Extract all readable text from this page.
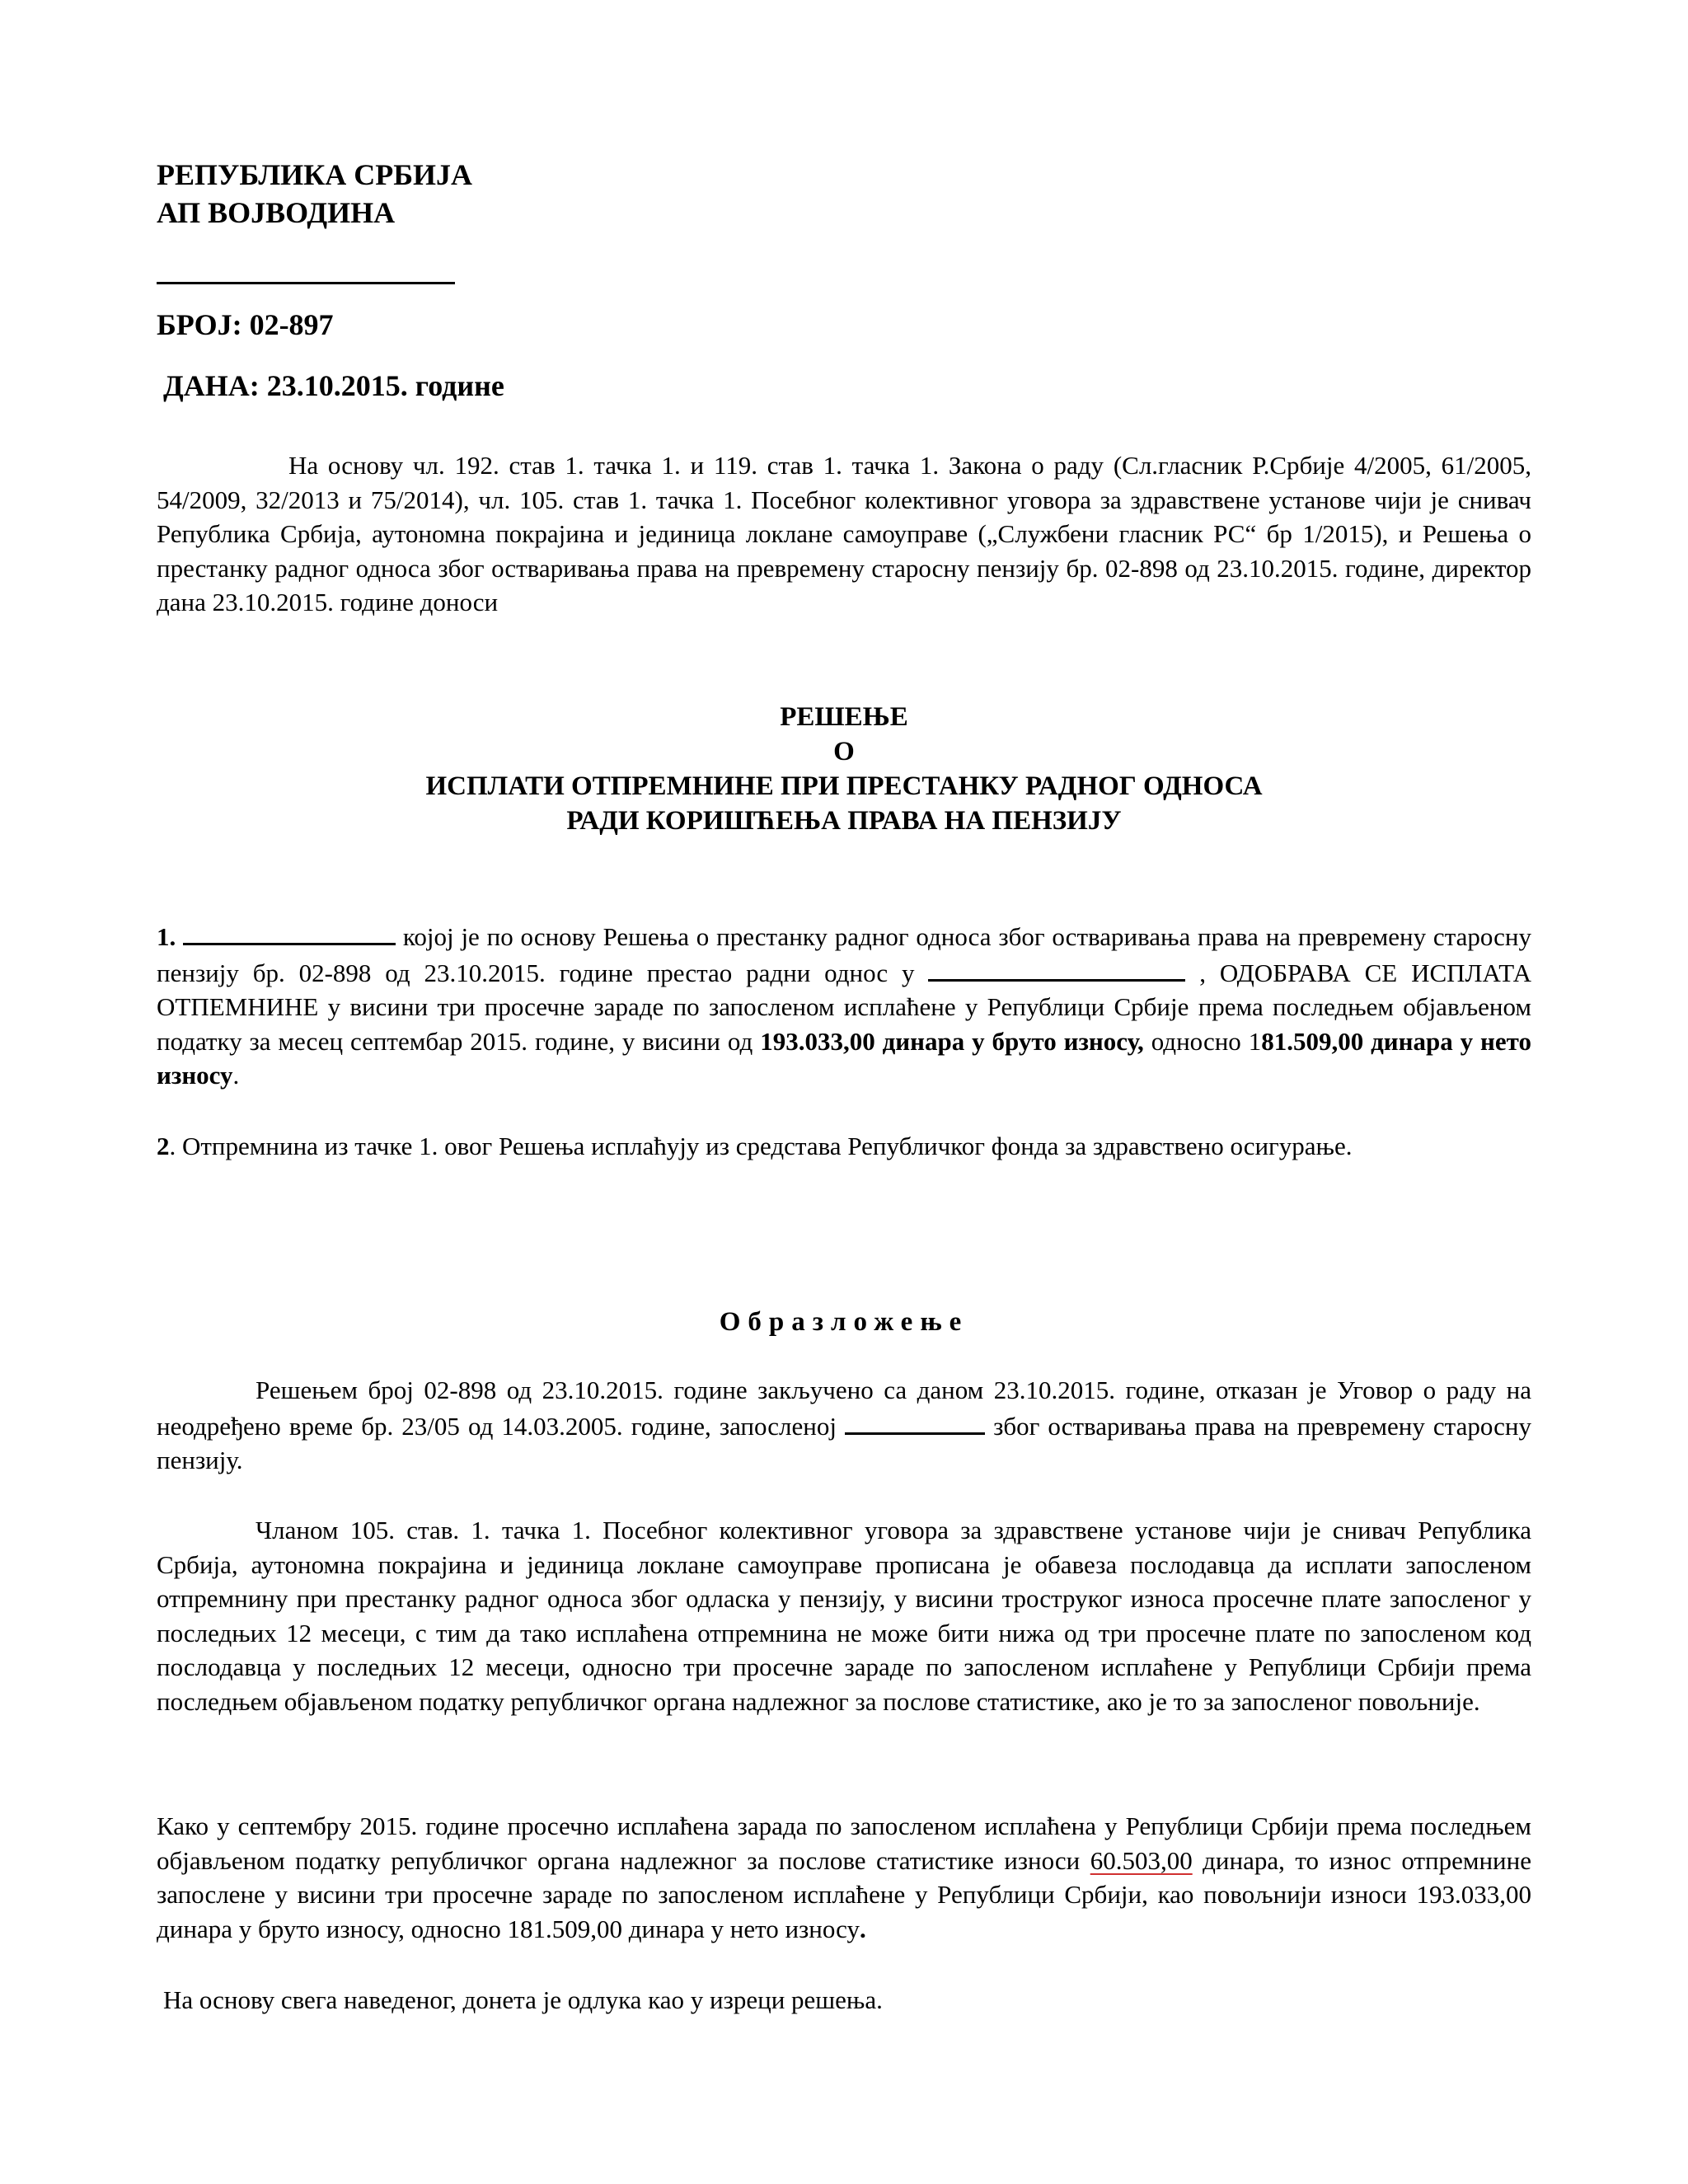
РЕПУБЛИКА СРБИЈА

АП ВОЈВОДИНА

БРОЈ: 02-897

ДАНА: 23.10.2015. године

На основу чл. 192. став 1. тачка 1. и 119. став 1. тачка 1. Закона о раду (Сл.гласник Р.Србије 4/2005, 61/2005, 54/2009, 32/2013 и 75/2014), чл. 105. став 1. тачка 1. Посебног колективног уговора за здравствене установе чији је снивач Република Србија, аутономна покрајина и јединица локлане самоуправе („Службени гласник РС“ бр 1/2015), и Решења о престанку радног односа због остваривања права на превремену старосну пензију бр. 02-898 од 23.10.2015. године, директор дана 23.10.2015. године доноси

РЕШЕЊЕ

О

ИСПЛАТИ ОТПРЕМНИНЕ ПРИ ПРЕСТАНКУ РАДНОГ ОДНОСА

РАДИ КОРИШЋЕЊА ПРАВА НА ПЕНЗИЈУ

1.	којој је по основу Решења о престанку радног односа због остваривања права на превремену старосну пензију бр. 02-898 од 23.10.2015. године престао радни однос у	, ОДОБРАВА СЕ ИСПЛАТА ОТПЕМНИНЕ у висини три просечне зараде по запосленом исплаћене у Републици Србије према последњем објављеном податку за месец септембар 2015. године, у висини од 193.033,00 динара у бруто износу, односно 181.509,00 динара у нето износу.

2. Отпремнина из тачке 1. овог Решења исплаћују из средстава Републичког фонда за здравствено осигурање.

Образложење

Решењем број 02-898 од 23.10.2015. године закључено са даном 23.10.2015. године, отказан је Уговор о раду на неодређено време бр. 23/05 од 14.03.2005. године, запосленој	због остваривања права на превремену старосну пензију.

Чланом 105. став. 1. тачка 1. Посебног колективног уговора за здравствене установе чији је снивач Република Србија, аутономна покрајина и јединица локлане самоуправе прописана је обавеза послодавца да исплати запосленом отпремнину при престанку радног односа због одласка у пензију, у висини троструког износа просечне плате запосленог у последњих 12 месеци, с тим да тако исплаћена отпремнина не може бити нижа од три просечне плате по запосленом код послодавца у последњих 12 месеци, односно три просечне зараде по запосленом исплаћене у Републици Србији према последњем објављеном податку републичког органа надлежног за послове статистике, ако је то за запосленог повољније.

Како у септембру 2015. године просечно исплаћена зарада по запосленом исплаћена у Републици Србији према последњем објављеном податку републичког органа надлежног за послове статистике износи 60.503,00 динара, то износ отпремнине запослене у висини три просечне зараде по запосленом исплаћене у Републици Србији, као повољнији износи 193.033,00 динара у бруто износу, односно 181.509,00 динара у нето износу.

На основу свега наведеног, донета је одлука као у изреци решења.
